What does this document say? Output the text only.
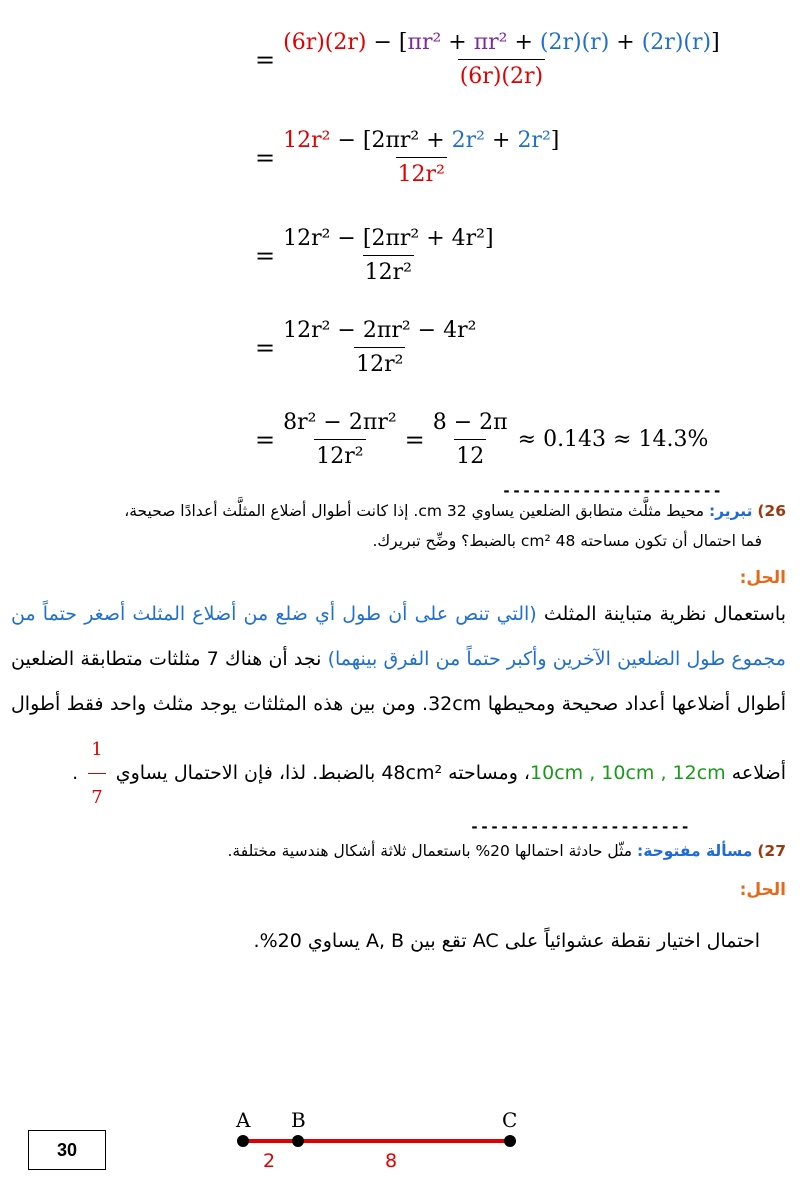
= $\frac{\text{(6r)(2r) − [πr² + πr² + (2r)(r) + (2r)(r)]}}{(6r)(2r)}$
= $\frac{\text{12r² − [2πr² + 2r² + 2r²]}}{\text{12r²}}$
= $\frac{\text{12r² − [2πr² + 4r²]}}{\text{12r²}}$
= $\frac{\text{12r² − 2πr² − 4r²}}{\text{12r²}}$
= $\frac{\text{8r² − 2πr²}}{\text{12r²}} = \frac{8 - 2\pi}{12} \approx 0.143 \approx 14.3\%$
----------------------
26) تبرير: محيط مثلَّث متطابق الضلعين يساوي 32 cm. إذا كانت أطوال أضلاع المثلَّث أعدادًا صحيحة،
فما احتمال أن تكون مساحته 48 cm² بالضبط؟ وضِّح تبريرك.
الحل:
باستعمال نظرية متباينة المثلث (التي تنص على أن طول أي ضلع من أضلاع المثلث أصغر حتماً من مجموع طول الضلعين الآخرين وأكبر حتماً من الفرق بينهما) نجد أن هناك 7 مثلثات متطابقة الضلعين أطوال أضلاعها أعداد صحيحة ومحيطها 32cm. ومن بين هذه المثلثات يوجد مثلث واحد فقط أطوال أضلاعه 10cm , 10cm , 12cm، ومساحته 48cm² بالضبط. لذا، فإن الاحتمال يساوي
$\frac{1}{7}$
.
----------------------
27) مسألة مفتوحة: مثّل حادثة احتمالها 20% باستعمال ثلاثة أشكال هندسية مختلفة.
الحل:
احتمال اختيار نقطة عشوائياً على AC تقع بين A, B يساوي 20%.
A B	C
2	8
30
